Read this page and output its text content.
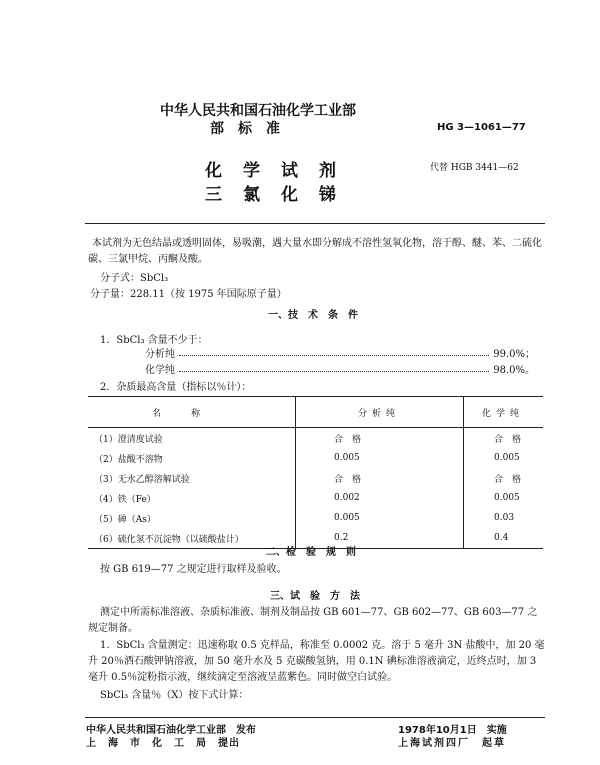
中华人民共和国石油化学工业部
部　标　准	HG 3—1061—77
化　学　试　剂	代替 HGB 3441—62
三　氯　化　锑
本试剂为无色结晶或透明固体，易吸潮，遇大量水即分解成不溶性氢氧化物，溶于醇、醚、苯、二硫化碳、三氯甲烷、丙酮及酸。
分子式：SbCl₃
分子量：228.11（按 1975 年国际原子量）
一、技　术　条　件
1．SbCl₃ 含量不少于：
分析纯	99.0%；
化学纯	98.0%。
2．杂质最高含量（指标以％计）：
名称	分析纯	化学纯
（1）澄清度试验	合　格	合　格
（2）盐酸不溶物	0.005	0.005
（3）无水乙醇溶解试验	合　格	合　格
（4）铁（Fe）	0.002	0.005
（5）砷（As）	0.005	0.03
（6）硫化氢不沉淀物（以硫酸盐计）	0.2	0.4
二、检　验　规　则
按 GB 619—77 之规定进行取样及验收。
三、试　验　方　法
测定中所需标准溶液、杂质标准液、制剂及制品按 GB 601—77、GB 602—77、GB 603—77 之规定制备。
1．SbCl₃ 含量测定：迅速称取 0.5 克样品，称准至 0.0002 克。溶于 5 毫升 3N 盐酸中，加 20 毫升 20％酒石酸钾钠溶液，加 50 毫升水及 5 克碳酸氢钠，用 0.1N 碘标准溶液滴定，近终点时，加 3 毫升 0.5％淀粉指示液，继续滴定至溶液呈蓝紫色。同时做空白试验。
SbCl₃ 含量％（X）按下式计算：
中华人民共和国石油化学工业部　发布
上　海　市　化　工　局　提出
1978年10月1日　实施
上海试剂四厂　起草
